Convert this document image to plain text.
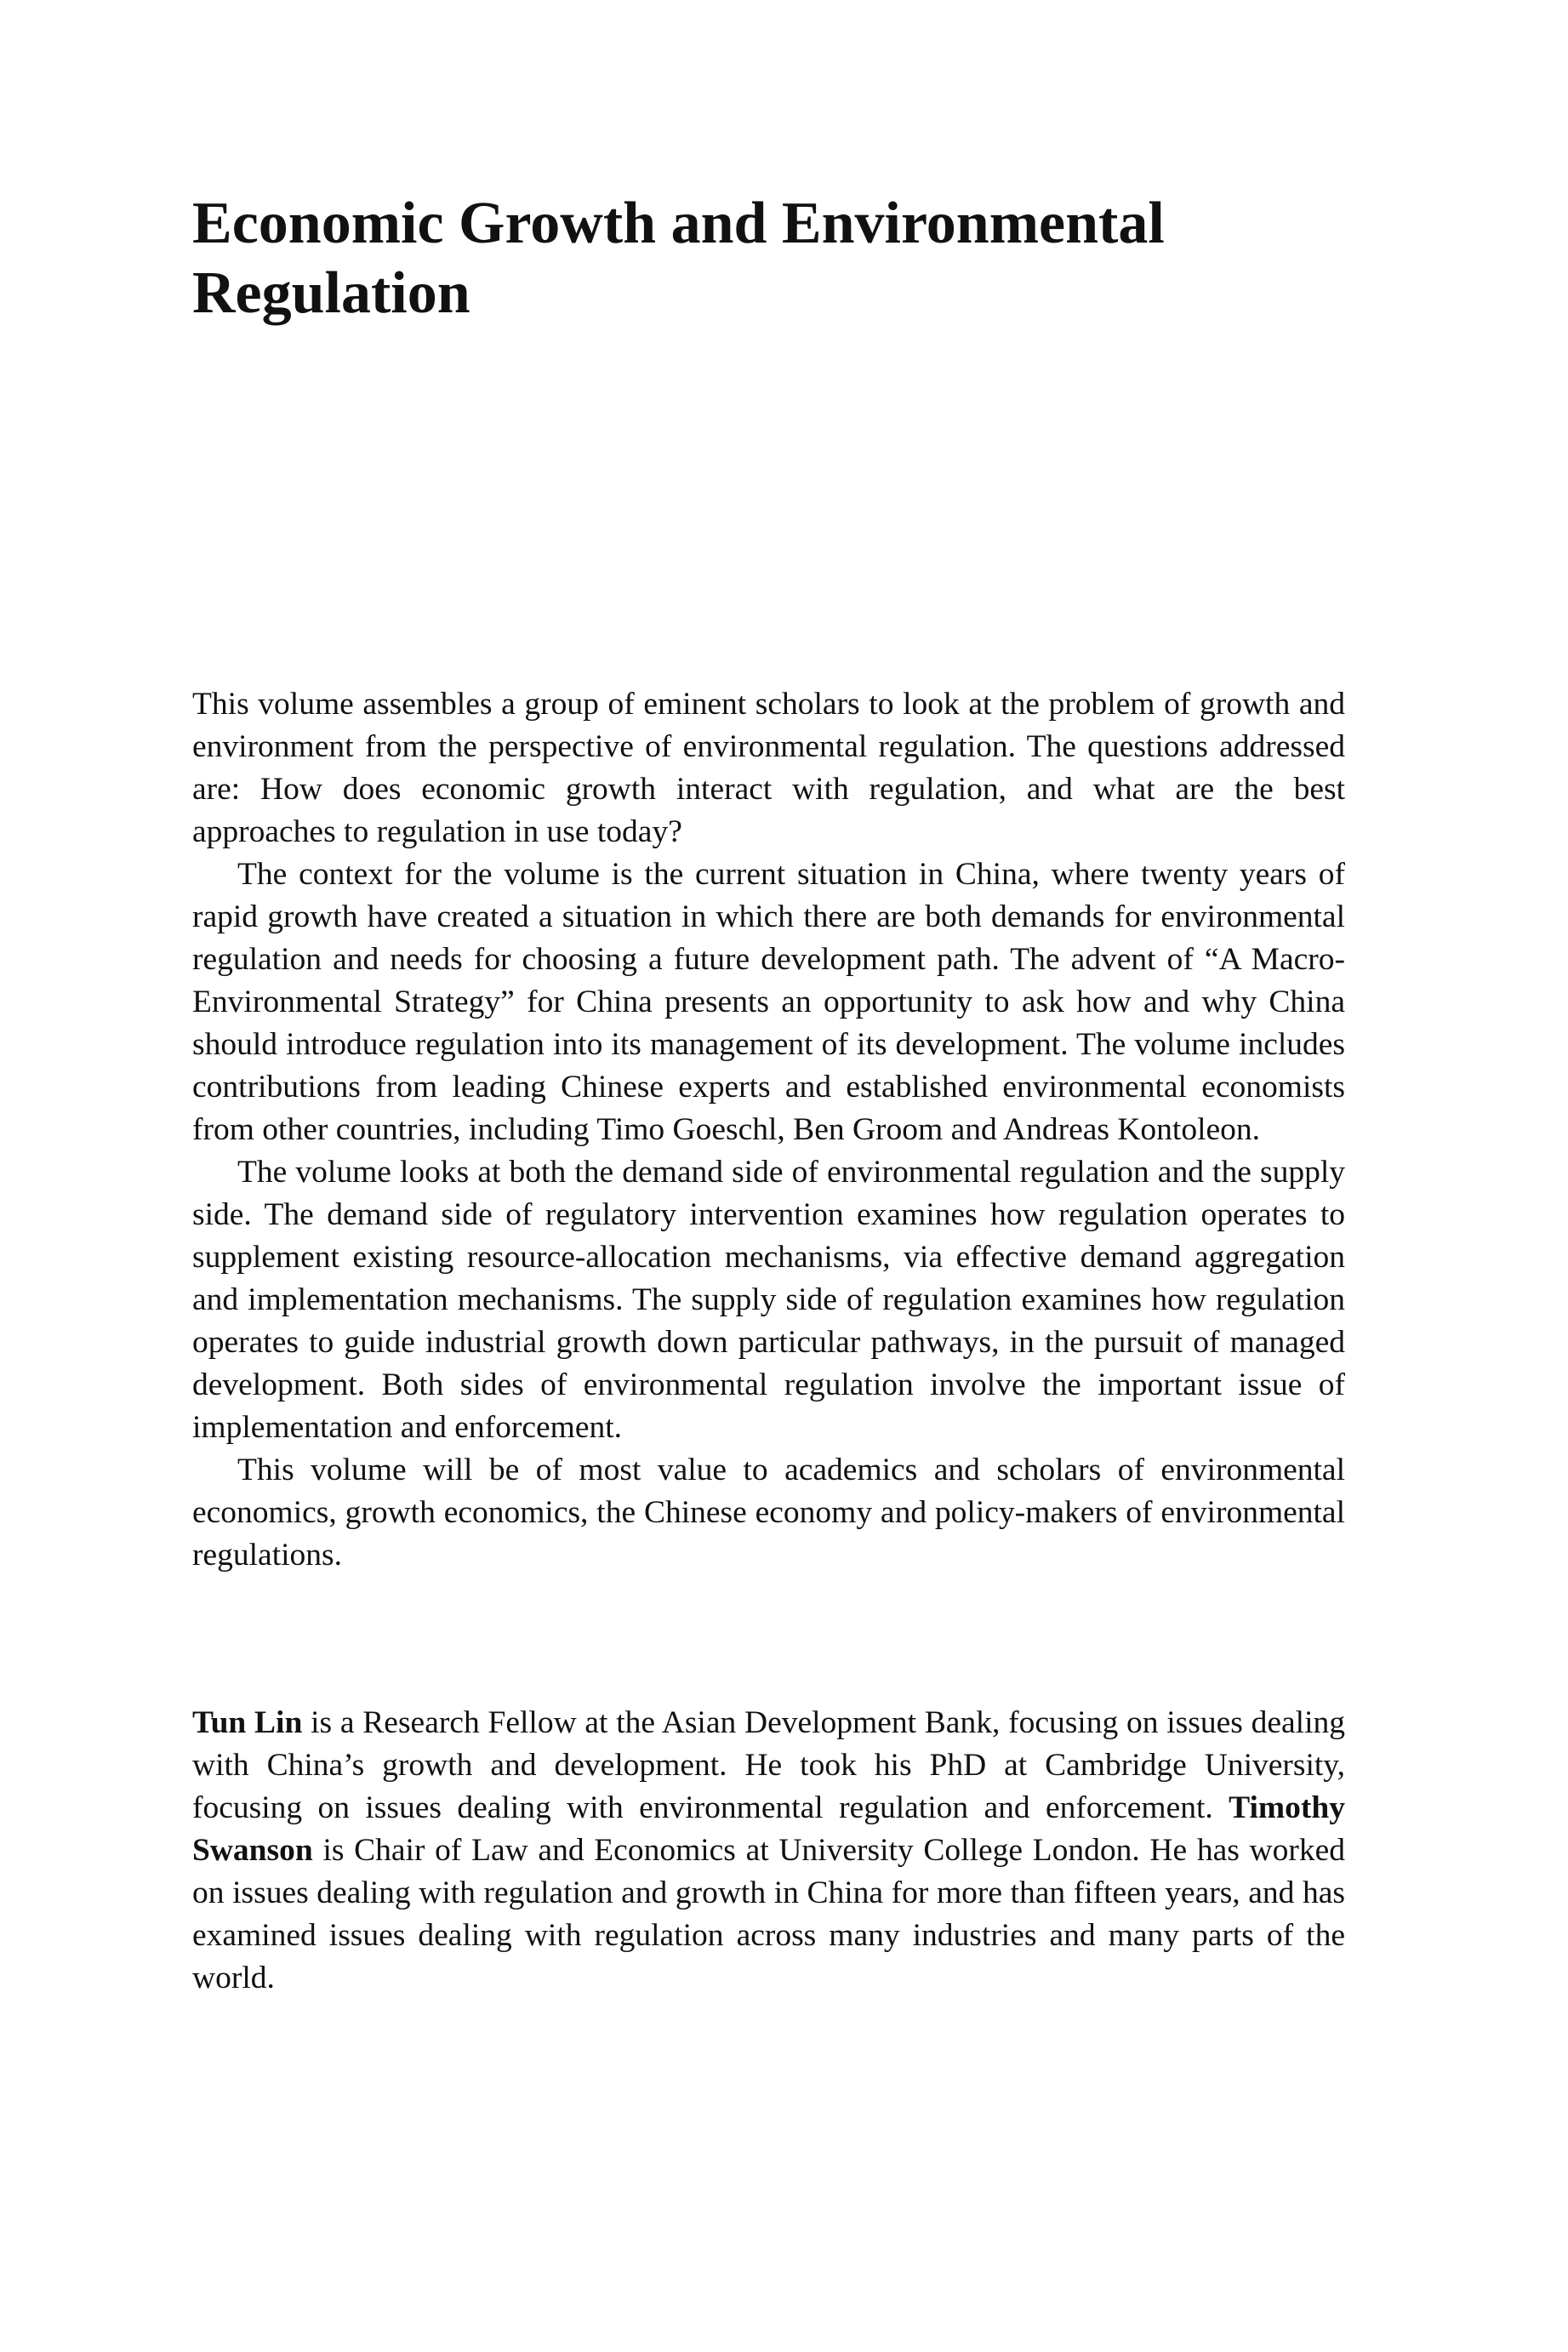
Economic Growth and Environmental
Regulation

This volume assembles a group of eminent scholars to look at the problem of growth and environment from the perspective of environmental regulation. The questions addressed are: How does economic growth interact with regulation, and what are the best approaches to regulation in use today?

The context for the volume is the current situation in China, where twenty years of rapid growth have created a situation in which there are both demands for environmental regulation and needs for choosing a future development path. The advent of “A Macro-Environmental Strategy” for China presents an opportunity to ask how and why China should introduce regulation into its management of its development. The volume includes contributions from leading Chinese experts and established environmental economists from other countries, including Timo Goeschl, Ben Groom and Andreas Kontoleon.

The volume looks at both the demand side of environmental regulation and the supply side. The demand side of regulatory intervention examines how regulation operates to supplement existing resource-allocation mechanisms, via effective demand aggregation and implementation mechanisms. The supply side of regulation examines how regulation operates to guide industrial growth down particular pathways, in the pursuit of managed development. Both sides of environmental regulation involve the important issue of implementation and enforcement.

This volume will be of most value to academics and scholars of environmental economics, growth economics, the Chinese economy and policy-makers of environmental regulations.

Tun Lin is a Research Fellow at the Asian Development Bank, focusing on issues dealing with China’s growth and development. He took his PhD at Cambridge University, focusing on issues dealing with environmental regulation and enforcement. Timothy Swanson is Chair of Law and Economics at University College London. He has worked on issues dealing with regulation and growth in China for more than fifteen years, and has examined issues dealing with regulation across many industries and many parts of the world.
